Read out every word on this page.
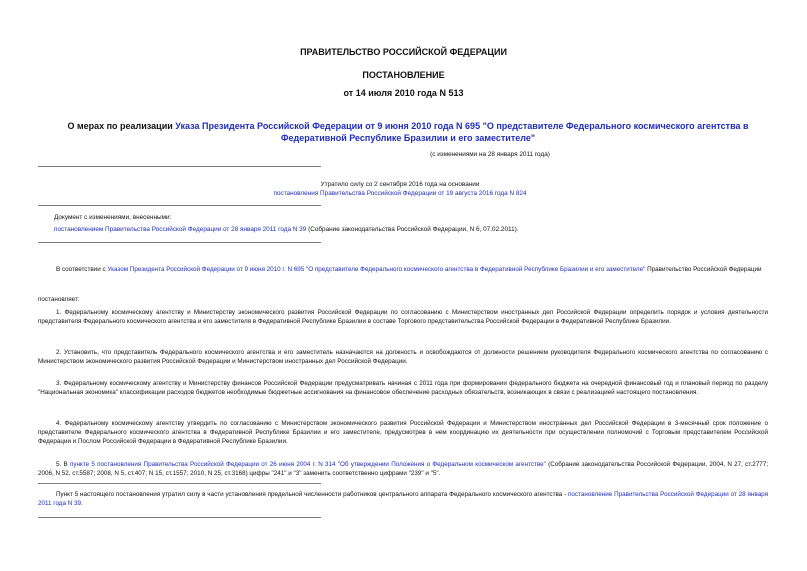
ПРАВИТЕЛЬСТВО РОССИЙСКОЙ ФЕДЕРАЦИИ
ПОСТАНОВЛЕНИЕ
от 14 июля 2010 года N 513
О мерах по реализации Указа Президента Российской Федерации от 9 июня 2010 года N 695 "О представителе Федерального космического агентства в Федеративной Республике Бразилии и его заместителе"
(с изменениями на 28 января 2011 года)
Утратило силу со 2 сентября 2016 года на основании
постановления Правительства Российской Федерации от 19 августа 2016 года N 824
Документ с изменениями, внесенными:
постановлением Правительства Российской Федерации от 28 января 2011 года N 39 (Собрание законодательства Российской Федерации, N 6, 07.02.2011).
В соответствии с Указом Президента Российской Федерации от 9 июня 2010 г. N 695 "О представителе Федерального космического агентства в Федеративной Республике Бразилии и его заместителе" Правительство Российской Федерации
постановляет:
1. Федеральному космическому агентству и Министерству экономического развития Российской Федерации по согласованию с Министерством иностранных дел Российской Федерации определить порядок и условия деятельности представителя Федерального космического агентства и его заместителя в Федеративной Республике Бразилии в составе Торгового представительства Российской Федерации в Федеративной Республике Бразилии.
2. Установить, что представитель Федерального космического агентства и его заместитель назначаются на должность и освобождаются от должности решением руководителя Федерального космического агентства по согласованию с Министерством экономического развития Российской Федерации и Министерством иностранных дел Российской Федерации.
3. Федеральному космическому агентству и Министерству финансов Российской Федерации предусматривать начиная с 2011 года при формировании федерального бюджета на очередной финансовый год и плановый период по разделу "Национальная экономика" классификации расходов бюджетов необходимые бюджетные ассигнования на финансовое обеспечение расходных обязательств, возникающих в связи с реализацией настоящего постановления.
4. Федеральному космическому агентству утвердить по согласованию с Министерством экономического развития Российской Федерации и Министерством иностранных дел Российской Федерации в 3-месячный срок положение о представителе Федерального космического агентства в Федеративной Республике Бразилии и его заместителе, предусмотрев в нем координацию их деятельности при осуществлении полномочий с Торговым представителем Российской Федерации и Послом Российской Федерации в Федеративной Республике Бразилии.
5. В пункте 5 постановления Правительства Российской Федерации от 26 июня 2004 г. N 314 "Об утверждении Положения о Федеральном космическом агентстве" (Собрание законодательства Российской Федерации, 2004, N 27, ст.2777; 2006, N 52, ст.5587; 2008, N 5, ст.407; N 15, ст.1557; 2010, N 25, ст.3168) цифры "241" и "3" заменить соответственно цифрами "239" и "5".
Пункт 5 настоящего постановления утратил силу в части установления предельной численности работников центрального аппарата Федерального космического агентства - постановление Правительства Российской Федерации от 28 января 2011 года N 39.
